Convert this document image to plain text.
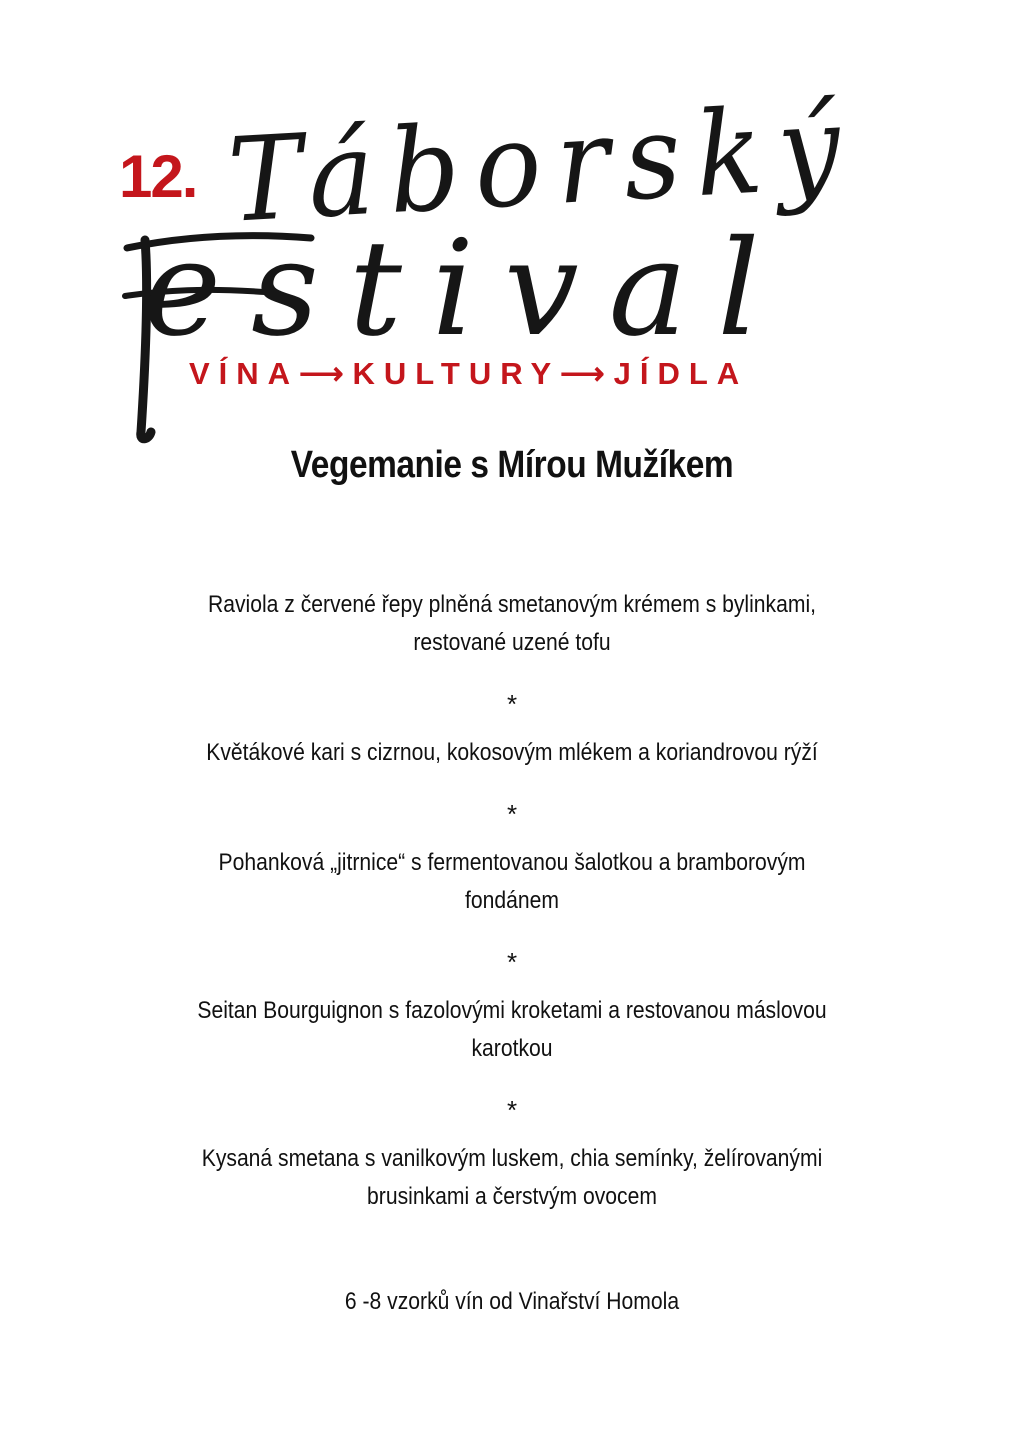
12. Táborský
estival
VÍNA⟶KULTURY⟶JÍDLA
Vegemanie s Mírou Mužíkem
Raviola z červené řepy plněná smetanovým krémem s bylinkami,
restované uzené tofu
*
Květákové kari s cizrnou, kokosovým mlékem a koriandrovou rýží
*
Pohanková „jitrnice“ s fermentovanou šalotkou a bramborovým
fondánem
*
Seitan Bourguignon s fazolovými kroketami a restovanou máslovou
karotkou
*
Kysaná smetana s vanilkovým luskem, chia semínky, želírovanými
brusinkami a čerstvým ovocem
6 -8 vzorků vín od Vinařství Homola
